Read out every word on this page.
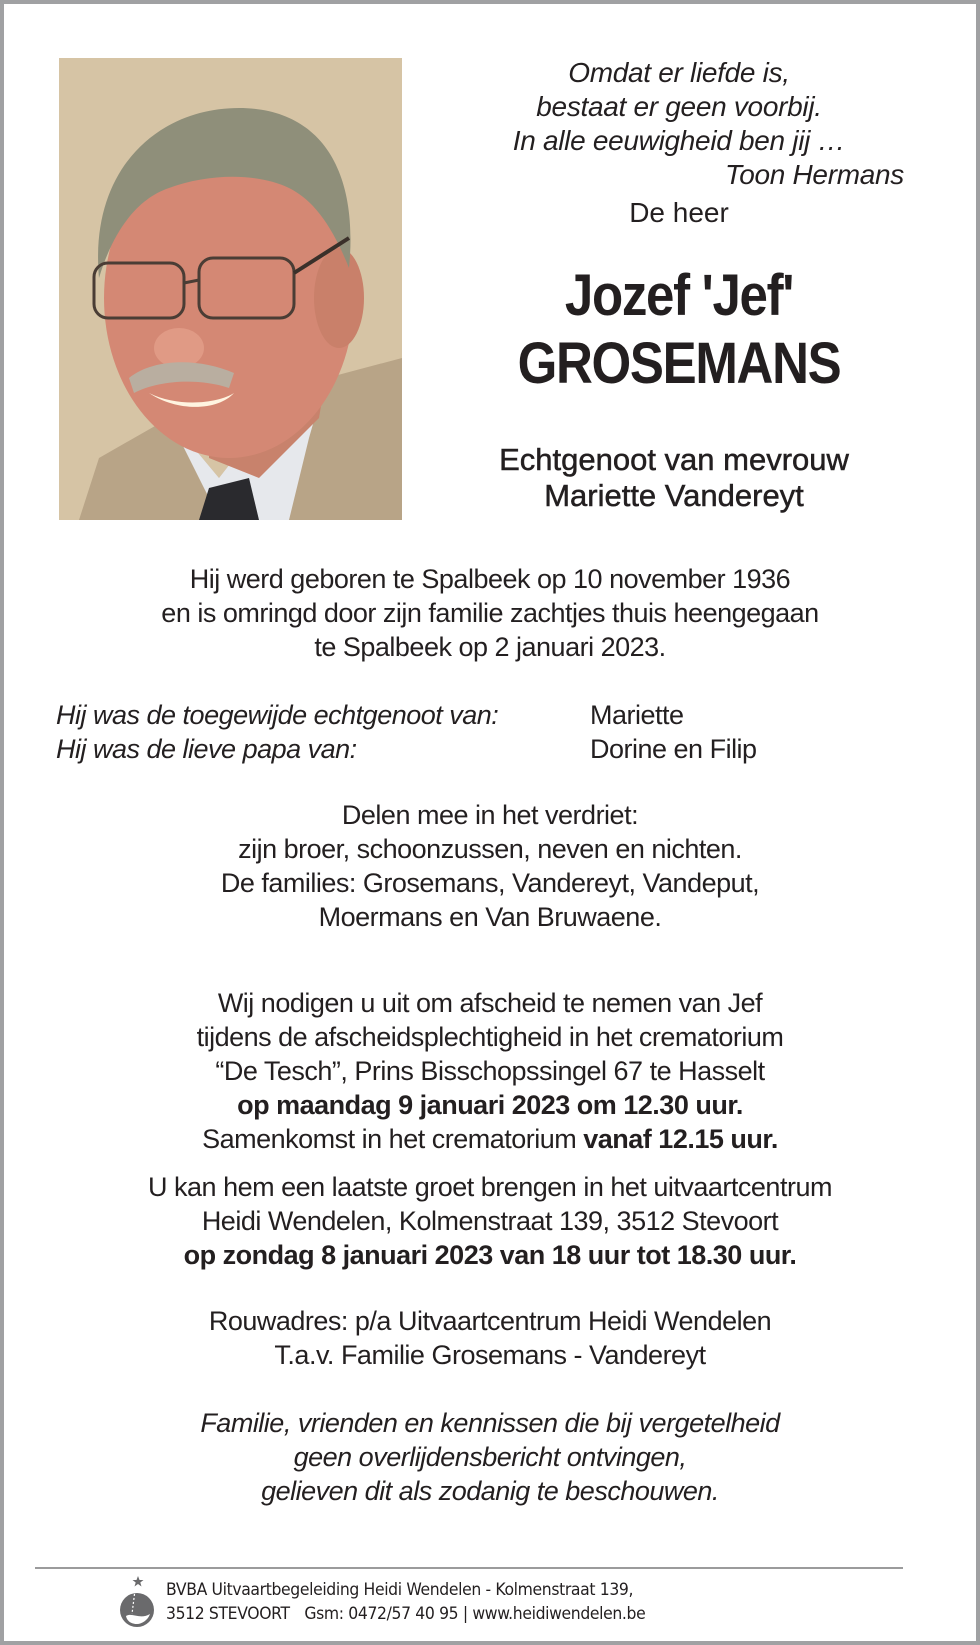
Omdat er liefde is,
bestaat er geen voorbij.
In alle eeuwigheid ben jij …
Toon Hermans
De heer
Jozef 'Jef'
GROSEMANS
Echtgenoot van mevrouw
Mariette Vandereyt
Hij werd geboren te Spalbeek op 10 november 1936
en is omringd door zijn familie zachtjes thuis heengegaan
te Spalbeek op 2 januari 2023.
Hij was de toegewijde echtgenoot van:	Mariette
Hij was de lieve papa van:	Dorine en Filip
Delen mee in het verdriet:
zijn broer, schoonzussen, neven en nichten.
De families: Grosemans, Vandereyt, Vandeput,
Moermans en Van Bruwaene.
Wij nodigen u uit om afscheid te nemen van Jef
tijdens de afscheidsplechtigheid in het crematorium
“De Tesch”, Prins Bisschopssingel 67 te Hasselt
op maandag 9 januari 2023 om 12.30 uur.
Samenkomst in het crematorium vanaf 12.15 uur.
U kan hem een laatste groet brengen in het uitvaartcentrum
Heidi Wendelen, Kolmenstraat 139, 3512 Stevoort
op zondag 8 januari 2023 van 18 uur tot 18.30 uur.
Rouwadres: p/a Uitvaartcentrum Heidi Wendelen
T.a.v. Familie Grosemans - Vandereyt
Familie, vrienden en kennissen die bij vergetelheid
geen overlijdensbericht ontvingen,
gelieven dit als zodanig te beschouwen.
BVBA Uitvaartbegeleiding Heidi Wendelen - Kolmenstraat 139,
3512 STEVOORT Gsm: 0472/57 40 95 | www.heidiwendelen.be
